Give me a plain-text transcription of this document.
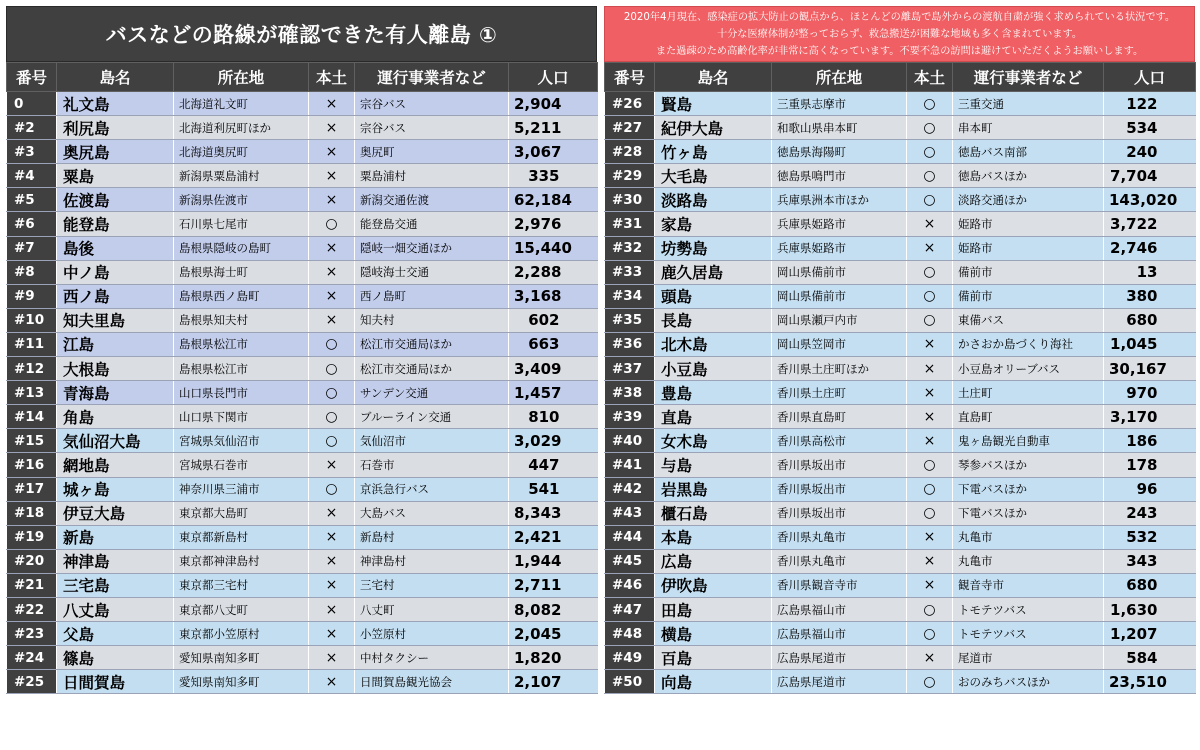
バスなどの路線が確認できた有人離島 ①
番号	島名	所在地	本土	運行事業者など	人口
0	礼文島	北海道礼文町	×	宗谷バス	2,904
#2	利尻島	北海道利尻町ほか	×	宗谷バス	5,211
#3	奥尻島	北海道奥尻町	×	奥尻町	3,067
#4	粟島	新潟県粟島浦村	×	粟島浦村	335
#5	佐渡島	新潟県佐渡市	×	新潟交通佐渡	62,184
#6	能登島	石川県七尾市	○	能登島交通	2,976
#7	島後	島根県隠岐の島町	×	隠岐一畑交通ほか	15,440
#8	中ノ島	島根県海士町	×	隠岐海士交通	2,288
#9	西ノ島	島根県西ノ島町	×	西ノ島町	3,168
#10	知夫里島	島根県知夫村	×	知夫村	602
#11	江島	島根県松江市	○	松江市交通局ほか	663
#12	大根島	島根県松江市	○	松江市交通局ほか	3,409
#13	青海島	山口県長門市	○	サンデン交通	1,457
#14	角島	山口県下関市	○	ブルーライン交通	810
#15	気仙沼大島	宮城県気仙沼市	○	気仙沼市	3,029
#16	網地島	宮城県石巻市	×	石巻市	447
#17	城ヶ島	神奈川県三浦市	○	京浜急行バス	541
#18	伊豆大島	東京都大島町	×	大島バス	8,343
#19	新島	東京都新島村	×	新島村	2,421
#20	神津島	東京都神津島村	×	神津島村	1,944
#21	三宅島	東京都三宅村	×	三宅村	2,711
#22	八丈島	東京都八丈町	×	八丈町	8,082
#23	父島	東京都小笠原村	×	小笠原村	2,045
#24	篠島	愛知県南知多町	×	中村タクシー	1,820
#25	日間賀島	愛知県南知多町	×	日間賀島観光協会	2,107
2020年4月現在、感染症の拡大防止の観点から、ほとんどの離島で島外からの渡航自粛が強く求められている状況です。
十分な医療体制が整っておらず、救急搬送が困難な地域も多く含まれています。
また過疎のため高齢化率が非常に高くなっています。不要不急の訪問は避けていただくようお願いします。
番号	島名	所在地	本土	運行事業者など	人口
#26	賢島	三重県志摩市	○	三重交通	122
#27	紀伊大島	和歌山県串本町	○	串本町	534
#28	竹ヶ島	徳島県海陽町	○	徳島バス南部	240
#29	大毛島	徳島県鳴門市	○	徳島バスほか	7,704
#30	淡路島	兵庫県洲本市ほか	○	淡路交通ほか	143,020
#31	家島	兵庫県姫路市	×	姫路市	3,722
#32	坊勢島	兵庫県姫路市	×	姫路市	2,746
#33	鹿久居島	岡山県備前市	○	備前市	13
#34	頭島	岡山県備前市	○	備前市	380
#35	長島	岡山県瀬戸内市	○	東備バス	680
#36	北木島	岡山県笠岡市	×	かさおか島づくり海社	1,045
#37	小豆島	香川県土庄町ほか	×	小豆島オリーブバス	30,167
#38	豊島	香川県土庄町	×	土庄町	970
#39	直島	香川県直島町	×	直島町	3,170
#40	女木島	香川県高松市	×	鬼ヶ島観光自動車	186
#41	与島	香川県坂出市	○	琴参バスほか	178
#42	岩黒島	香川県坂出市	○	下電バスほか	96
#43	櫃石島	香川県坂出市	○	下電バスほか	243
#44	本島	香川県丸亀市	×	丸亀市	532
#45	広島	香川県丸亀市	×	丸亀市	343
#46	伊吹島	香川県観音寺市	×	観音寺市	680
#47	田島	広島県福山市	○	トモテツバス	1,630
#48	横島	広島県福山市	○	トモテツバス	1,207
#49	百島	広島県尾道市	×	尾道市	584
#50	向島	広島県尾道市	○	おのみちバスほか	23,510
